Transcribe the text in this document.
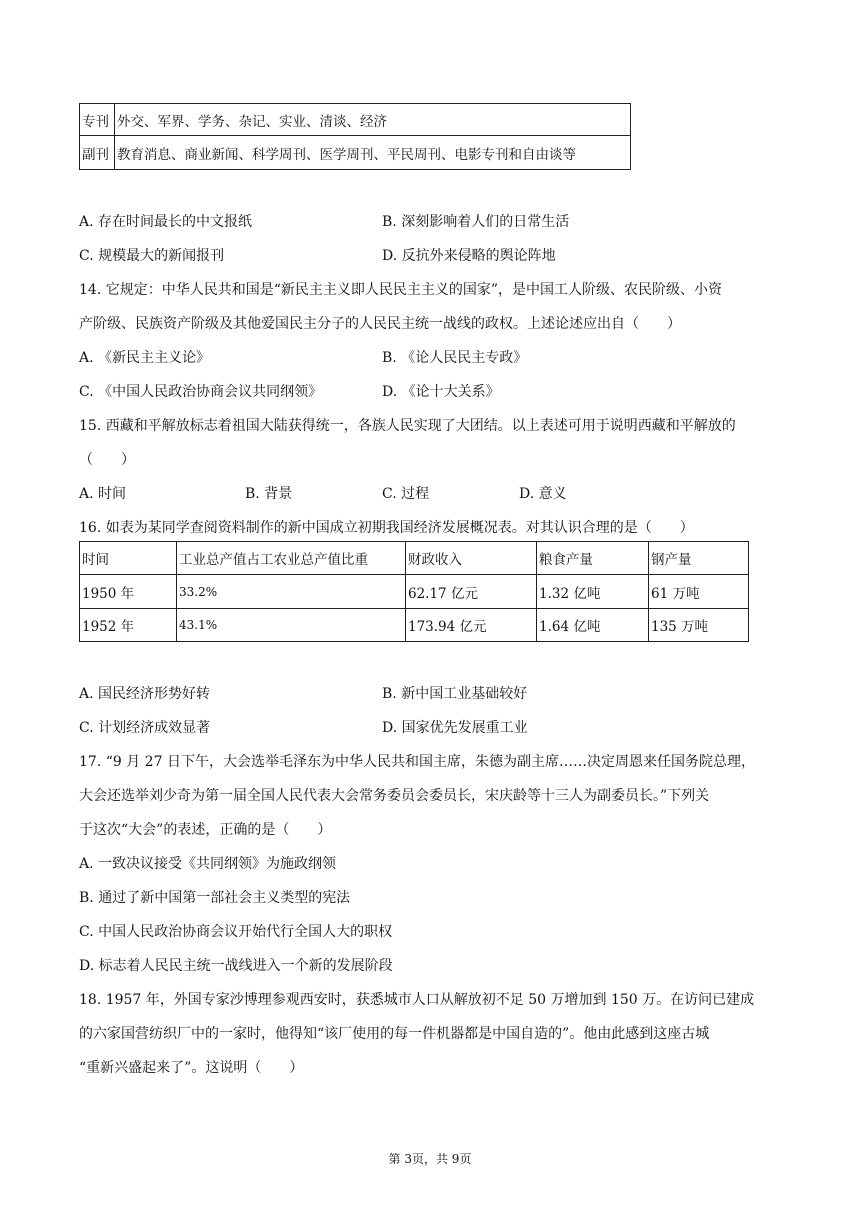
专刊	外交、军界、学务、杂记、实业、清谈、经济
副刊	教育消息、商业新闻、科学周刊、医学周刊、平民周刊、电影专刊和自由谈等
A. 存在时间最长的中文报纸	B. 深刻影响着人们的日常生活
C. 规模最大的新闻报刊	D. 反抗外来侵略的舆论阵地
14. 它规定：中华人民共和国是“新民主主义即人民民主主义的国家”，是中国工人阶级、农民阶级、小资
产阶级、民族资产阶级及其他爱国民主分子的人民民主统一战线的政权。上述论述应出自（　　）
A. 《新民主主义论》	B. 《论人民民主专政》
C. 《中国人民政治协商会议共同纲领》	D. 《论十大关系》
15. 西藏和平解放标志着祖国大陆获得统一，各族人民实现了大团结。以上表述可用于说明西藏和平解放的
（　　）
A. 时间	B. 背景	C. 过程	D. 意义
16. 如表为某同学查阅资料制作的新中国成立初期我国经济发展概况表。对其认识合理的是（　　）
时间	工业总产值占工农业总产值比重	财政收入	粮食产量	钢产量
1950 年	33.2%	62.17 亿元	1.32 亿吨	61 万吨
1952 年	43.1%	173.94 亿元	1.64 亿吨	135 万吨
A. 国民经济形势好转	B. 新中国工业基础较好
C. 计划经济成效显著	D. 国家优先发展重工业
17. “9 月 27 日下午，大会选举毛泽东为中华人民共和国主席，朱德为副主席……决定周恩来任国务院总理，
大会还选举刘少奇为第一届全国人民代表大会常务委员会委员长，宋庆龄等十三人为副委员长。”下列关
于这次“大会”的表述，正确的是（　　）
A. 一致决议接受《共同纲领》为施政纲领
B. 通过了新中国第一部社会主义类型的宪法
C. 中国人民政治协商会议开始代行全国人大的职权
D. 标志着人民民主统一战线进入一个新的发展阶段
18. 1957 年，外国专家沙博理参观西安时，获悉城市人口从解放初不足 50 万增加到 150 万。在访问已建成
的六家国营纺织厂中的一家时，他得知“该厂使用的每一件机器都是中国自造的”。他由此感到这座古城
“重新兴盛起来了”。这说明（　　）
第 3页，共 9页
